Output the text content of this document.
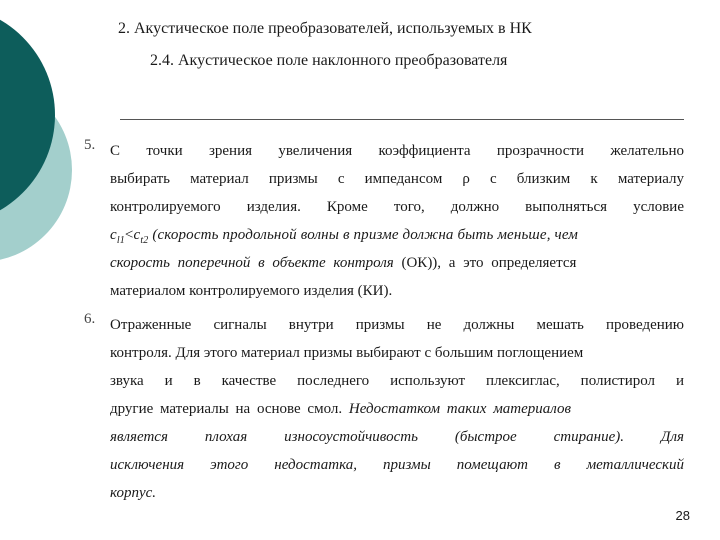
2. Акустическое поле преобразователей, используемых в НК
2.4. Акустическое поле наклонного преобразователя
5. С точки зрения увеличения коэффициента прозрачности желательно
выбирать материал призмы с импедансом ρ с близким к материалу
контролируемого изделия. Кроме того, должно выполняться условие
$c_{l1}<c_{t2}$ (скорость продольной волны в призме должна быть меньше, чем
скорость поперечной в объекте контроля (ОК)), а это определяется
материалом контролируемого изделия (КИ).
6. Отраженные сигналы внутри призмы не должны мешать проведению
контроля. Для этого материал призмы выбирают с большим поглощением
звука и в качестве последнего используют плексиглас, полистирол и
другие материалы на основе смол. Недостатком таких материалов
является плохая износоустойчивость (быстрое стирание). Для
исключения этого недостатка, призмы помещают в металлический
корпус.
28
